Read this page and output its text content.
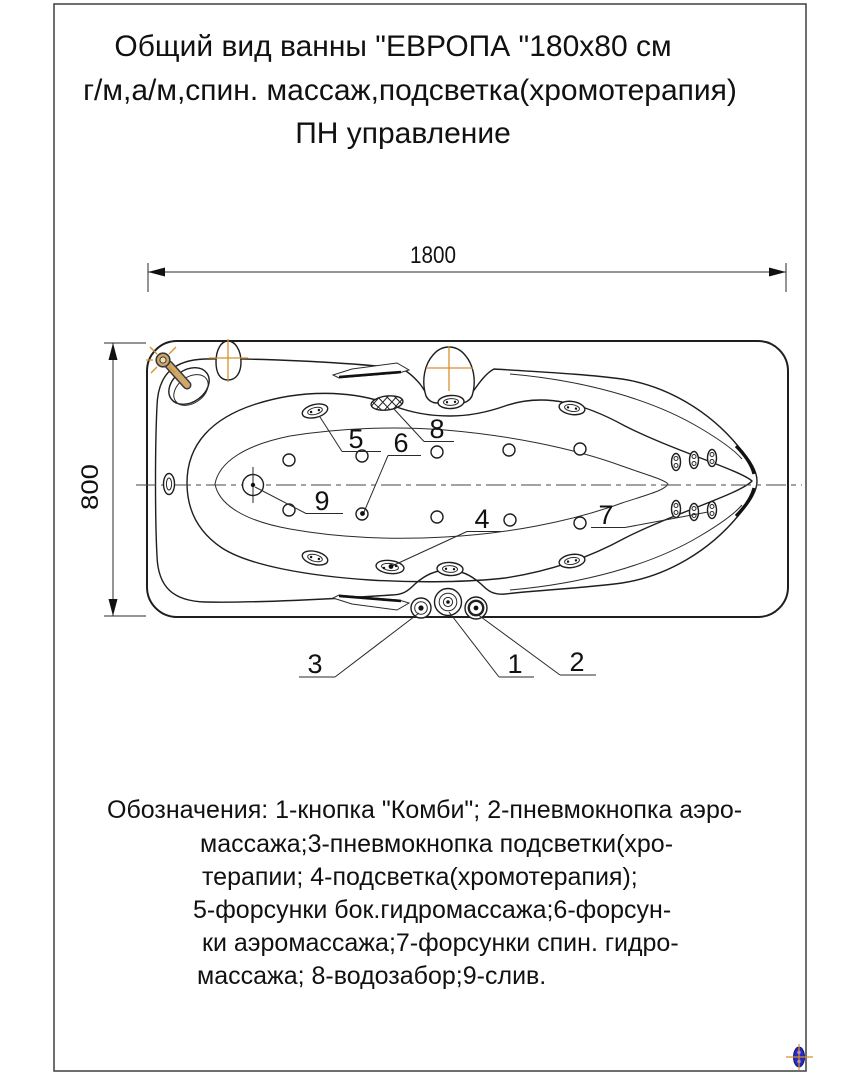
Общий вид ванны "ЕВРОПА "180х80 см
г/м,а/м,спин. массаж,подсветка(хромотерапия)
ПН управление
1800
800
5 6 8
9
4	7
1 2
3
Обозначения: 1-кнопка "Комби"; 2-пневмокнопка аэро-
массажа;3-пневмокнопка подсветки(хро-
терапии; 4-подсветка(хромотерапия);
5-форсунки бок.гидромассажа;6-форсун-
ки аэромассажа;7-форсунки спин. гидро-
массажа; 8-водозабор;9-слив.
